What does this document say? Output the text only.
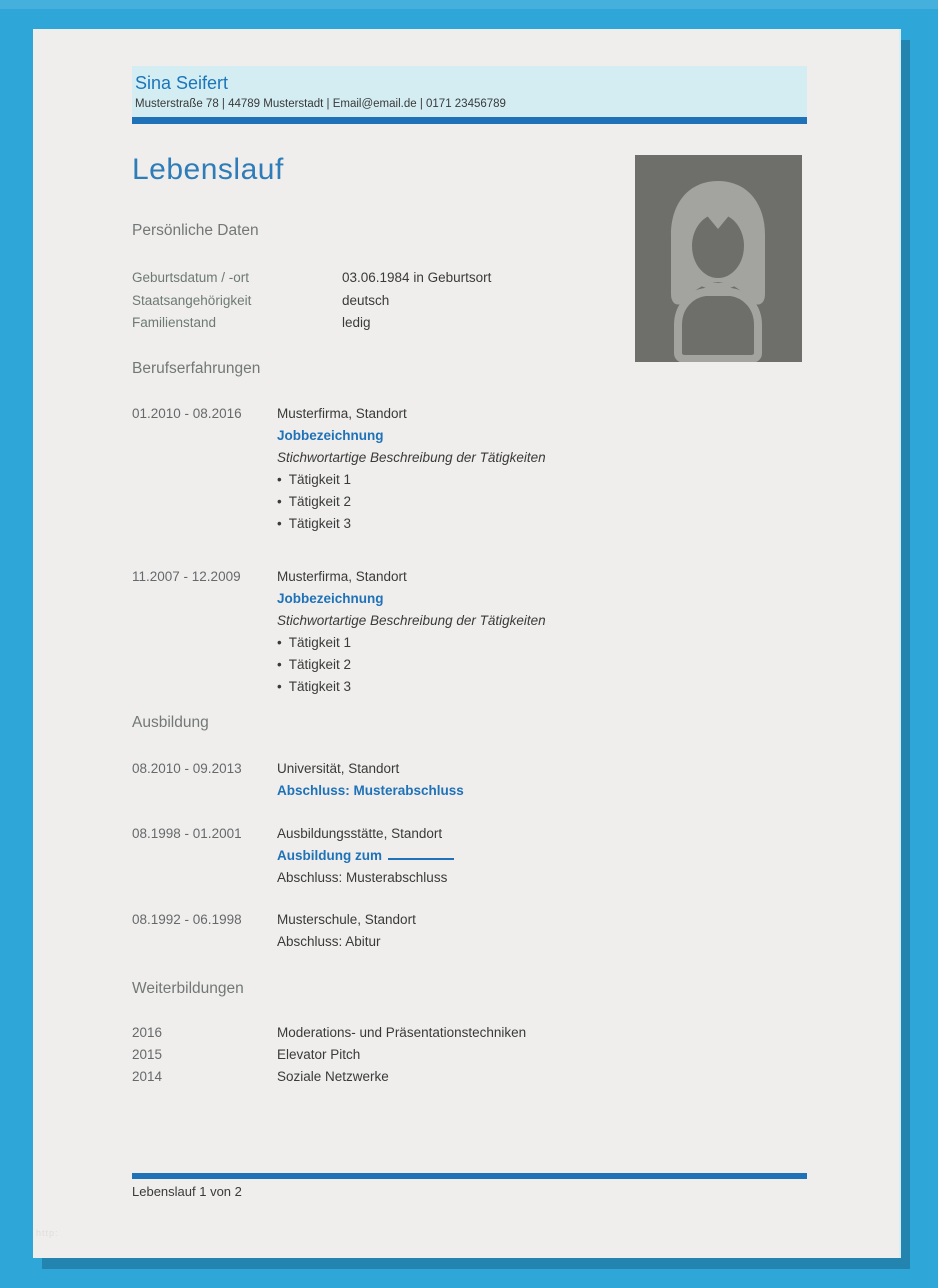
Sina Seifert
Musterstraße 78 | 44789 Musterstadt | Email@email.de | 0171 23456789
Lebenslauf
Persönliche Daten
Geburtsdatum / -ort	03.06.1984 in Geburtsort
Staatsangehörigkeit	deutsch
Familienstand	ledig
Berufserfahrungen
01.2010 - 08.2016	Musterfirma, Standort
Jobbezeichnung
Stichwortartige Beschreibung der Tätigkeiten
• Tätigkeit 1
• Tätigkeit 2
• Tätigkeit 3
11.2007 - 12.2009	Musterfirma, Standort
Jobbezeichnung
Stichwortartige Beschreibung der Tätigkeiten
• Tätigkeit 1
• Tätigkeit 2
• Tätigkeit 3
Ausbildung
08.2010 - 09.2013	Universität, Standort
Abschluss: Musterabschluss
08.1998 - 01.2001	Ausbildungsstätte, Standort
Ausbildung zum
Abschluss: Musterabschluss
08.1992 - 06.1998	Musterschule, Standort
Abschluss: Abitur
Weiterbildungen
2016	Moderations- und Präsentationstechniken
2015	Elevator Pitch
2014	Soziale Netzwerke
Lebenslauf 1 von 2
http:
